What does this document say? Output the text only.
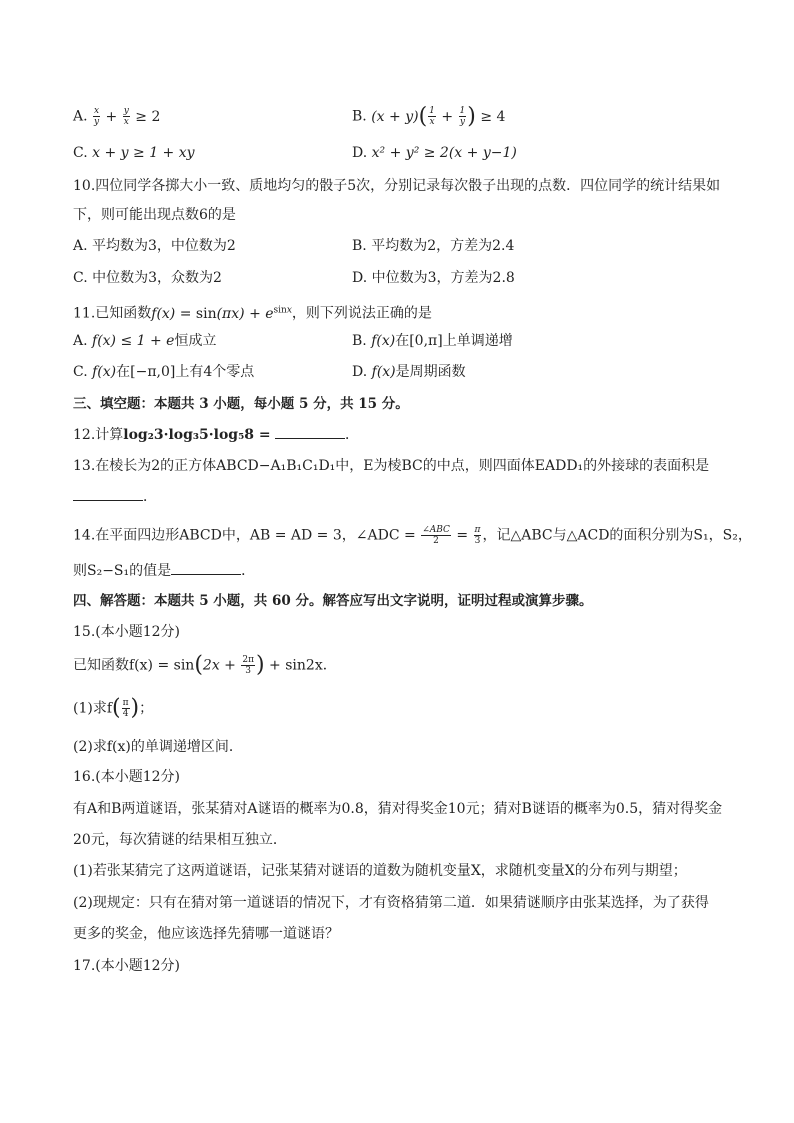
A. $\frac{x}{y} + \frac{y}{x} \ge 2$	B. $(x + y)( \frac{1}{x} + \frac{1}{y}$ ) ≥ 4
C. x + y ≥ 1 + xy	D. x² + y² ≥ 2(x + y−1)
10.四位同学各掷大小一致、质地均匀的骰子5次，分别记录每次骰子出现的点数．四位同学的统计结果如
下，则可能出现点数6的是
A. 平均数为3，中位数为2	B. 平均数为2，方差为2.4
C. 中位数为3，众数为2	D. 中位数为3，方差为2.8
11.已知函数$f(x) = \sin(\pi x) + e^{sinx}$，则下列说法正确的是
A. f(x) ≤ 1 + e恒成立	B. f(x)在[0,π]上单调递增
C. f(x)在[−π,0]上有4个零点	D. f(x)是周期函数
三、填空题：本题共 3 小题，每小题 5 分，共 15 分。
12.计算log₂3·log₃5·log₅8 =	．
13.在棱长为2的正方体ABCD−A₁B₁C₁D₁中，E为棱BC的中点，则四面体EADD₁的外接球的表面积是
．
14.在平面四边形ABCD中，AB = AD = 3，∠ADC = $\frac{\text{∠ABC}}{2} = \frac{\pi}{3}$ ，记△ABC与△ACD的面积分别为S₁，S₂，
则S₂−S₁的值是	．
四、解答题：本题共 5 小题，共 60 分。解答应写出文字说明，证明过程或演算步骤。
15.(本小题12分)
已知函数$f(x) = \sin(2x + \frac{2\pi}{3}$ ) + sin2x．
(1)求$f( \frac{\pi}{4}$ )；
(2)求f(x)的单调递增区间．
16.(本小题12分)
有A和B两道谜语，张某猜对A谜语的概率为0.8，猜对得奖金10元；猜对B谜语的概率为0.5，猜对得奖金
20元，每次猜谜的结果相互独立．
(1)若张某猜完了这两道谜语，记张某猜对谜语的道数为随机变量X，求随机变量X的分布列与期望；
(2)现规定：只有在猜对第一道谜语的情况下，才有资格猜第二道．如果猜谜顺序由张某选择，为了获得
更多的奖金，他应该选择先猜哪一道谜语？
17.(本小题12分)
